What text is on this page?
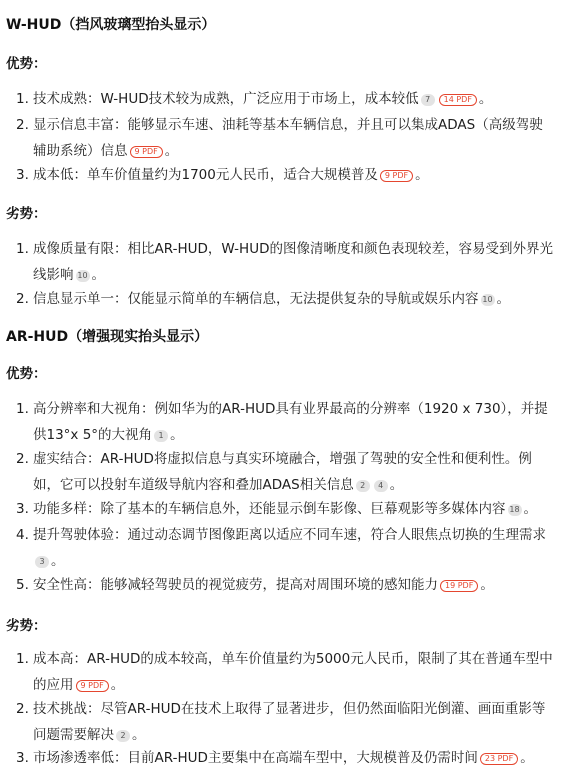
W-HUD（挡风玻璃型抬头显示）
优势：
1. 技术成熟：W-HUD技术较为成熟，广泛应用于市场上，成本较低 7 14 PDF 。
2. 显示信息丰富：能够显示车速、油耗等基本车辆信息，并且可以集成ADAS（高级驾驶辅助系统）信息 9 PDF 。
3. 成本低：单车价值量约为1700元人民币，适合大规模普及 9 PDF 。
劣势：
1. 成像质量有限：相比AR-HUD，W-HUD的图像清晰度和颜色表现较差，容易受到外界光线影响 10 。
2. 信息显示单一：仅能显示简单的车辆信息，无法提供复杂的导航或娱乐内容 10 。
AR-HUD（增强现实抬头显示）
优势：
1. 高分辨率和大视角：例如华为的AR-HUD具有业界最高的分辨率（1920 x 730），并提供13°x 5°的大视角 1 。
2. 虚实结合：AR-HUD将虚拟信息与真实环境融合，增强了驾驶的安全性和便利性。例如，它可以投射车道级导航内容和叠加ADAS相关信息 2 4 。
3. 功能多样：除了基本的车辆信息外，还能显示倒车影像、巨幕观影等多媒体内容 18 。
4. 提升驾驶体验：通过动态调节图像距离以适应不同车速，符合人眼焦点切换的生理需求3 。
5. 安全性高：能够减轻驾驶员的视觉疲劳，提高对周围环境的感知能力 19 PDF 。
劣势：
1. 成本高：AR-HUD的成本较高，单车价值量约为5000元人民币，限制了其在普通车型中的应用 9 PDF 。
2. 技术挑战：尽管AR-HUD在技术上取得了显著进步，但仍然面临阳光倒灌、画面重影等问题需要解决 2 。
3. 市场渗透率低：目前AR-HUD主要集中在高端车型中，大规模普及仍需时间 23 PDF 。
